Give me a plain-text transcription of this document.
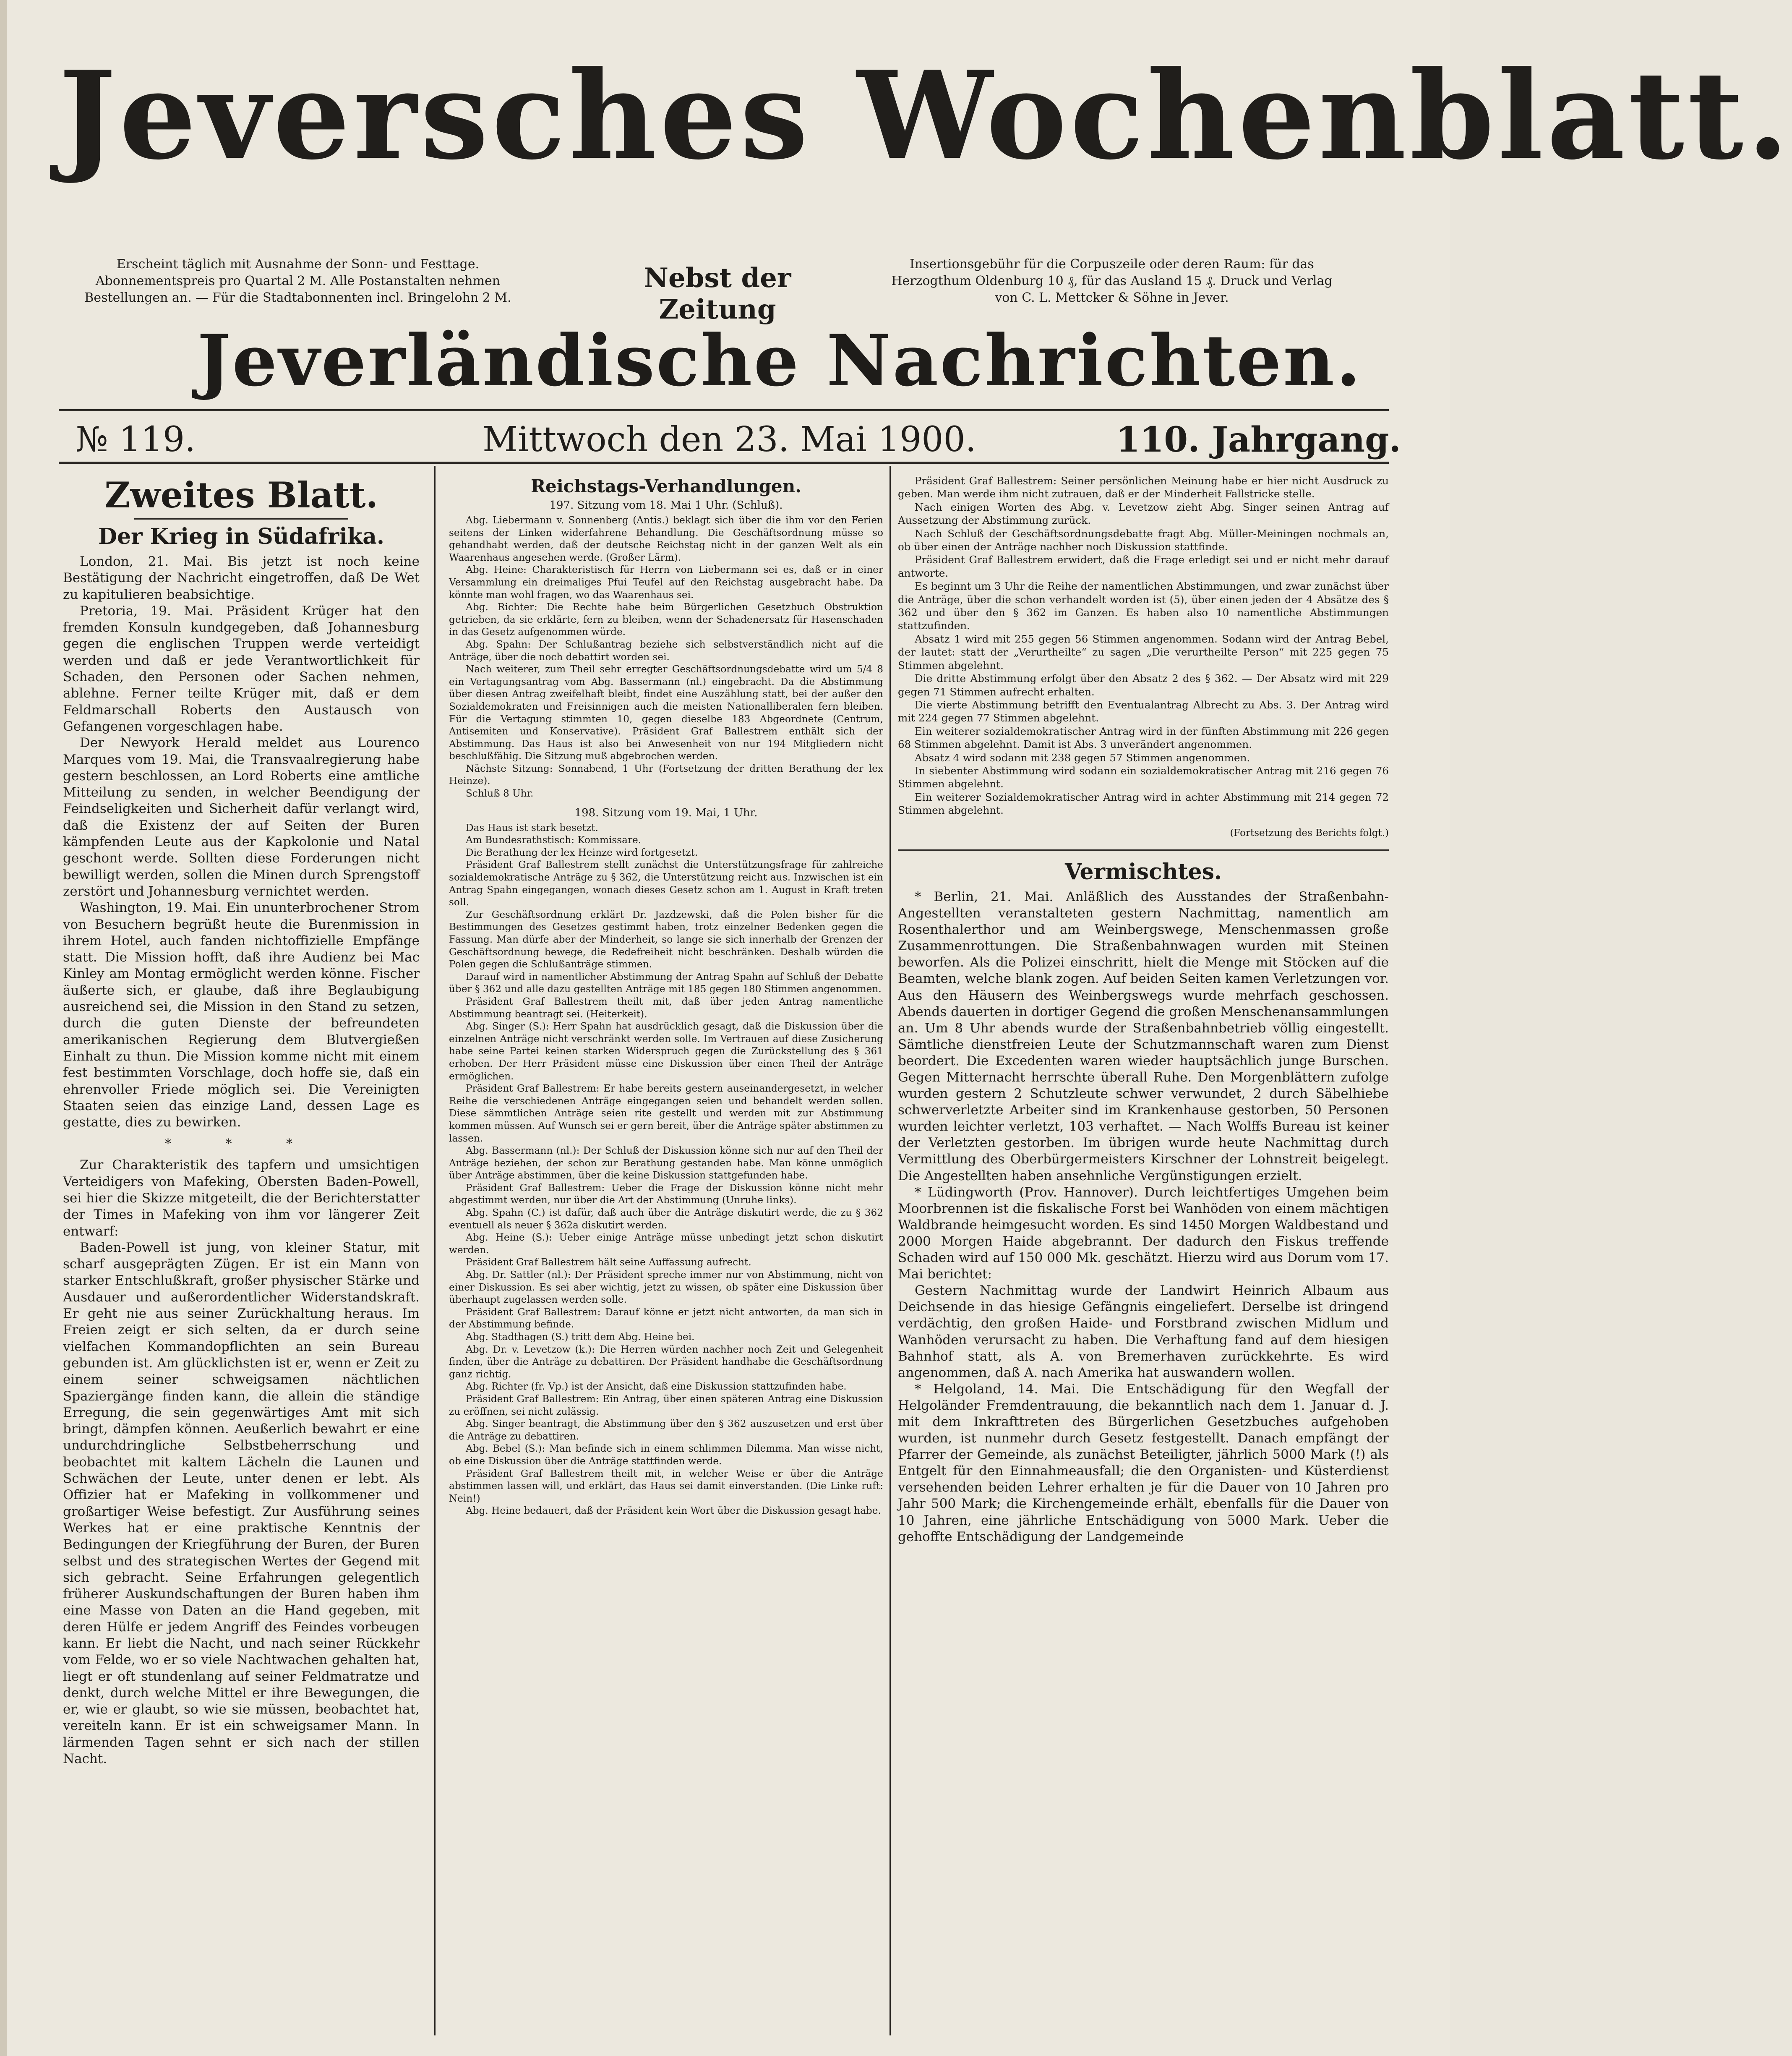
Jeversches Wochenblatt.
Erscheint täglich mit Ausnahme der Sonn- und Festtage. Abonnementspreis pro Quartal 2 M. Alle Postanstalten nehmen Bestellungen an. — Für die Stadtabonnenten incl. Bringelohn 2 M.
Nebst der Zeitung
Insertionsgebühr für die Corpuszeile oder deren Raum: für das Herzogthum Oldenburg 10 ₰, für das Ausland 15 ₰. Druck und Verlag von C. L. Mettcker & Söhne in Jever.
Jeverländische Nachrichten.
№ 119.	Mittwoch den 23. Mai 1900.	110. Jahrgang.
Zweites Blatt.
Der Krieg in Südafrika.

London, 21. Mai. Bis jetzt ist noch keine Bestätigung der Nachricht eingetroffen, daß De Wet zu kapitulieren beabsichtige.

Pretoria, 19. Mai. Präsident Krüger hat den fremden Konsuln kundgegeben, daß Johannesburg gegen die englischen Truppen werde verteidigt werden und daß er jede Verantwortlichkeit für Schaden, den Personen oder Sachen nehmen, ablehne. Ferner teilte Krüger mit, daß er dem Feldmarschall Roberts den Austausch von Gefangenen vorgeschlagen habe.

Der Newyork Herald meldet aus Lourenco Marques vom 19. Mai, die Transvaalregierung habe gestern beschlossen, an Lord Roberts eine amtliche Mitteilung zu senden, in welcher Beendigung der Feindseligkeiten und Sicherheit dafür verlangt wird, daß die Existenz der auf Seiten der Buren kämpfenden Leute aus der Kapkolonie und Natal geschont werde. Sollten diese Forderungen nicht bewilligt werden, sollen die Minen durch Sprengstoff zerstört und Johannesburg vernichtet werden.

Washington, 19. Mai. Ein ununterbrochener Strom von Besuchern begrüßt heute die Burenmission in ihrem Hotel, auch fanden nichtoffizielle Empfänge statt. Die Mission hofft, daß ihre Audienz bei Mac Kinley am Montag ermöglicht werden könne. Fischer äußerte sich, er glaube, daß ihre Beglaubigung ausreichend sei, die Mission in den Stand zu setzen, durch die guten Dienste der befreundeten amerikanischen Regierung dem Blutvergießen Einhalt zu thun. Die Mission komme nicht mit einem fest bestimmten Vorschlage, doch hoffe sie, daß ein ehrenvoller Friede möglich sei. Die Vereinigten Staaten seien das einzige Land, dessen Lage es gestatte, dies zu bewirken.

* * *

Zur Charakteristik des tapfern und umsichtigen Verteidigers von Mafeking, Obersten Baden-Powell, sei hier die Skizze mitgeteilt, die der Berichterstatter der Times in Mafeking von ihm vor längerer Zeit entwarf:

Baden-Powell ist jung, von kleiner Statur, mit scharf ausgeprägten Zügen. Er ist ein Mann von starker Entschlußkraft, großer physischer Stärke und Ausdauer und außerordentlicher Widerstandskraft. Er geht nie aus seiner Zurückhaltung heraus. Im Freien zeigt er sich selten, da er durch seine vielfachen Kommandopflichten an sein Bureau gebunden ist. Am glücklichsten ist er, wenn er Zeit zu einem seiner schweigsamen nächtlichen Spaziergänge finden kann, die allein die ständige Erregung, die sein gegenwärtiges Amt mit sich bringt, dämpfen können. Aeußerlich bewahrt er eine undurchdringliche Selbstbeherrschung und beobachtet mit kaltem Lächeln die Launen und Schwächen der Leute, unter denen er lebt. Als Offizier hat er Mafeking in vollkommener und großartiger Weise befestigt. Zur Ausführung seines Werkes hat er eine praktische Kenntnis der Bedingungen der Kriegführung der Buren, der Buren selbst und des strategischen Wertes der Gegend mit sich gebracht. Seine Erfahrungen gelegentlich früherer Auskundschaftungen der Buren haben ihm eine Masse von Daten an die Hand gegeben, mit deren Hülfe er jedem Angriff des Feindes vorbeugen kann. Er liebt die Nacht, und nach seiner Rückkehr vom Felde, wo er so viele Nachtwachen gehalten hat, liegt er oft stundenlang auf seiner Feldmatratze und denkt, durch welche Mittel er ihre Bewegungen, die er, wie er glaubt, so wie sie müssen, beobachtet hat, vereiteln kann. Er ist ein schweigsamer Mann. In lärmenden Tagen sehnt er sich nach der stillen Nacht.

Reichstags-Verhandlungen.
197. Sitzung vom 18. Mai 1 Uhr. (Schluß).

Abg. Liebermann v. Sonnenberg (Antis.) beklagt sich über die ihm vor den Ferien seitens der Linken widerfahrene Behandlung. Die Geschäftsordnung müsse so gehandhabt werden, daß der deutsche Reichstag nicht in der ganzen Welt als ein Waarenhaus angesehen werde. (Großer Lärm).

Abg. Heine: Charakteristisch für Herrn von Liebermann sei es, daß er in einer Versammlung ein dreimaliges Pfui Teufel auf den Reichstag ausgebracht habe. Da könnte man wohl fragen, wo das Waarenhaus sei.

Abg. Richter: Die Rechte habe beim Bürgerlichen Gesetzbuch Obstruktion getrieben, da sie erklärte, fern zu bleiben, wenn der Schadenersatz für Hasenschaden in das Gesetz aufgenommen würde.

Abg. Spahn: Der Schlußantrag beziehe sich selbstverständlich nicht auf die Anträge, über die noch debattirt worden sei.

Nach weiterer, zum Theil sehr erregter Geschäftsordnungsdebatte wird um 5/4 8 ein Vertagungsantrag vom Abg. Bassermann (nl.) eingebracht. Da die Abstimmung über diesen Antrag zweifelhaft bleibt, findet eine Auszählung statt, bei der außer den Sozialdemokraten und Freisinnigen auch die meisten Nationalliberalen fern bleiben. Für die Vertagung stimmten 10, gegen dieselbe 183 Abgeordnete (Centrum, Antisemiten und Konservative). Präsident Graf Ballestrem enthält sich der Abstimmung. Das Haus ist also bei Anwesenheit von nur 194 Mitgliedern nicht beschlußfähig. Die Sitzung muß abgebrochen werden.

Nächste Sitzung: Sonnabend, 1 Uhr (Fortsetzung der dritten Berathung der lex Heinze).

Schluß 8 Uhr.

198. Sitzung vom 19. Mai, 1 Uhr.

Das Haus ist stark besetzt.

Am Bundesrathstisch: Kommissare.

Die Berathung der lex Heinze wird fortgesetzt.

Präsident Graf Ballestrem stellt zunächst die Unterstützungsfrage für zahlreiche sozialdemokratische Anträge zu § 362, die Unterstützung reicht aus. Inzwischen ist ein Antrag Spahn eingegangen, wonach dieses Gesetz schon am 1. August in Kraft treten soll.

Zur Geschäftsordnung erklärt Dr. Jazdzewski, daß die Polen bisher für die Bestimmungen des Gesetzes gestimmt haben, trotz einzelner Bedenken gegen die Fassung. Man dürfe aber der Minderheit, so lange sie sich innerhalb der Grenzen der Geschäftsordnung bewege, die Redefreiheit nicht beschränken. Deshalb würden die Polen gegen die Schlußanträge stimmen.

Darauf wird in namentlicher Abstimmung der Antrag Spahn auf Schluß der Debatte über § 362 und alle dazu gestellten Anträge mit 185 gegen 180 Stimmen angenommen.

Präsident Graf Ballestrem theilt mit, daß über jeden Antrag namentliche Abstimmung beantragt sei. (Heiterkeit).

Abg. Singer (S.): Herr Spahn hat ausdrücklich gesagt, daß die Diskussion über die einzelnen Anträge nicht verschränkt werden solle. Im Vertrauen auf diese Zusicherung habe seine Partei keinen starken Widerspruch gegen die Zurückstellung des § 361 erhoben. Der Herr Präsident müsse eine Diskussion über einen Theil der Anträge ermöglichen.

Präsident Graf Ballestrem: Er habe bereits gestern auseinandergesetzt, in welcher Reihe die verschiedenen Anträge eingegangen seien und behandelt werden sollen. Diese sämmtlichen Anträge seien rite gestellt und werden mit zur Abstimmung kommen müssen. Auf Wunsch sei er gern bereit, über die Anträge später abstimmen zu lassen.

Abg. Bassermann (nl.): Der Schluß der Diskussion könne sich nur auf den Theil der Anträge beziehen, der schon zur Berathung gestanden habe. Man könne unmöglich über Anträge abstimmen, über die keine Diskussion stattgefunden habe.

Präsident Graf Ballestrem: Ueber die Frage der Diskussion könne nicht mehr abgestimmt werden, nur über die Art der Abstimmung (Unruhe links).

Abg. Spahn (C.) ist dafür, daß auch über die Anträge diskutirt werde, die zu § 362 eventuell als neuer § 362a diskutirt werden.

Abg. Heine (S.): Ueber einige Anträge müsse unbedingt jetzt schon diskutirt werden.

Präsident Graf Ballestrem hält seine Auffassung aufrecht.

Abg. Dr. Sattler (nl.): Der Präsident spreche immer nur von Abstimmung, nicht von einer Diskussion. Es sei aber wichtig, jetzt zu wissen, ob später eine Diskussion über überhaupt zugelassen werden solle.

Präsident Graf Ballestrem: Darauf könne er jetzt nicht antworten, da man sich in der Abstimmung befinde.

Abg. Stadthagen (S.) tritt dem Abg. Heine bei.

Abg. Dr. v. Levetzow (k.): Die Herren würden nachher noch Zeit und Gelegenheit finden, über die Anträge zu debattiren. Der Präsident handhabe die Geschäftsordnung ganz richtig.

Abg. Richter (fr. Vp.) ist der Ansicht, daß eine Diskussion stattzufinden habe.

Präsident Graf Ballestrem: Ein Antrag, über einen späteren Antrag eine Diskussion zu eröffnen, sei nicht zulässig.

Abg. Singer beantragt, die Abstimmung über den § 362 auszusetzen und erst über die Anträge zu debattiren.

Abg. Bebel (S.): Man befinde sich in einem schlimmen Dilemma. Man wisse nicht, ob eine Diskussion über die Anträge stattfinden werde.

Präsident Graf Ballestrem theilt mit, in welcher Weise er über die Anträge abstimmen lassen will, und erklärt, das Haus sei damit einverstanden. (Die Linke ruft: Nein!)

Abg. Heine bedauert, daß der Präsident kein Wort über die Diskussion gesagt habe.

Präsident Graf Ballestrem: Seiner persönlichen Meinung habe er hier nicht Ausdruck zu geben. Man werde ihm nicht zutrauen, daß er der Minderheit Fallstricke stelle.

Nach einigen Worten des Abg. v. Levetzow zieht Abg. Singer seinen Antrag auf Aussetzung der Abstimmung zurück.

Nach Schluß der Geschäftsordnungsdebatte fragt Abg. Müller-Meiningen nochmals an, ob über einen der Anträge nachher noch Diskussion stattfinde.

Präsident Graf Ballestrem erwidert, daß die Frage erledigt sei und er nicht mehr darauf antworte.

Es beginnt um 3 Uhr die Reihe der namentlichen Abstimmungen, und zwar zunächst über die Anträge, über die schon verhandelt worden ist (5), über einen jeden der 4 Absätze des § 362 und über den § 362 im Ganzen. Es haben also 10 namentliche Abstimmungen stattzufinden.

Absatz 1 wird mit 255 gegen 56 Stimmen angenommen. Sodann wird der Antrag Bebel, der lautet: statt der „Verurtheilte“ zu sagen „Die verurtheilte Person“ mit 225 gegen 75 Stimmen abgelehnt.

Die dritte Abstimmung erfolgt über den Absatz 2 des § 362. — Der Absatz wird mit 229 gegen 71 Stimmen aufrecht erhalten.

Die vierte Abstimmung betrifft den Eventualantrag Albrecht zu Abs. 3. Der Antrag wird mit 224 gegen 77 Stimmen abgelehnt.

Ein weiterer sozialdemokratischer Antrag wird in der fünften Abstimmung mit 226 gegen 68 Stimmen abgelehnt. Damit ist Abs. 3 unverändert angenommen.

Absatz 4 wird sodann mit 238 gegen 57 Stimmen angenommen.

In siebenter Abstimmung wird sodann ein sozialdemokratischer Antrag mit 216 gegen 76 Stimmen abgelehnt.

Ein weiterer Sozialdemokratischer Antrag wird in achter Abstimmung mit 214 gegen 72 Stimmen abgelehnt.

(Fortsetzung des Berichts folgt.)

Vermischtes.

* Berlin, 21. Mai. Anläßlich des Ausstandes der Straßenbahn-Angestellten veranstalteten gestern Nachmittag, namentlich am Rosenthalerthor und am Weinbergswege, Menschenmassen große Zusammenrottungen. Die Straßenbahnwagen wurden mit Steinen beworfen. Als die Polizei einschritt, hielt die Menge mit Stöcken auf die Beamten, welche blank zogen. Auf beiden Seiten kamen Verletzungen vor. Aus den Häusern des Weinbergswegs wurde mehrfach geschossen. Abends dauerten in dortiger Gegend die großen Menschenansammlungen an. Um 8 Uhr abends wurde der Straßenbahnbetrieb völlig eingestellt. Sämtliche dienstfreien Leute der Schutzmannschaft waren zum Dienst beordert. Die Excedenten waren wieder hauptsächlich junge Burschen. Gegen Mitternacht herrschte überall Ruhe. Den Morgenblättern zufolge wurden gestern 2 Schutzleute schwer verwundet, 2 durch Säbelhiebe schwerverletzte Arbeiter sind im Krankenhause gestorben, 50 Personen wurden leichter verletzt, 103 verhaftet. — Nach Wolffs Bureau ist keiner der Verletzten gestorben. Im übrigen wurde heute Nachmittag durch Vermittlung des Oberbürgermeisters Kirschner der Lohnstreit beigelegt. Die Angestellten haben ansehnliche Vergünstigungen erzielt.

* Lüdingworth (Prov. Hannover). Durch leichtfertiges Umgehen beim Moorbrennen ist die fiskalische Forst bei Wanhöden von einem mächtigen Waldbrande heimgesucht worden. Es sind 1450 Morgen Waldbestand und 2000 Morgen Haide abgebrannt. Der dadurch den Fiskus treffende Schaden wird auf 150 000 Mk. geschätzt. Hierzu wird aus Dorum vom 17. Mai berichtet:

Gestern Nachmittag wurde der Landwirt Heinrich Albaum aus Deichsende in das hiesige Gefängnis eingeliefert. Derselbe ist dringend verdächtig, den großen Haide- und Forstbrand zwischen Midlum und Wanhöden verursacht zu haben. Die Verhaftung fand auf dem hiesigen Bahnhof statt, als A. von Bremerhaven zurückkehrte. Es wird angenommen, daß A. nach Amerika hat auswandern wollen.

* Helgoland, 14. Mai. Die Entschädigung für den Wegfall der Helgoländer Fremdentrauung, die bekanntlich nach dem 1. Januar d. J. mit dem Inkrafttreten des Bürgerlichen Gesetzbuches aufgehoben wurden, ist nunmehr durch Gesetz festgestellt. Danach empfängt der Pfarrer der Gemeinde, als zunächst Beteiligter, jährlich 5000 Mark (!) als Entgelt für den Einnahmeausfall; die den Organisten- und Küsterdienst versehenden beiden Lehrer erhalten je für die Dauer von 10 Jahren pro Jahr 500 Mark; die Kirchengemeinde erhält, ebenfalls für die Dauer von 10 Jahren, eine jährliche Entschädigung von 5000 Mark. Ueber die gehoffte Entschädigung der Landgemeinde
